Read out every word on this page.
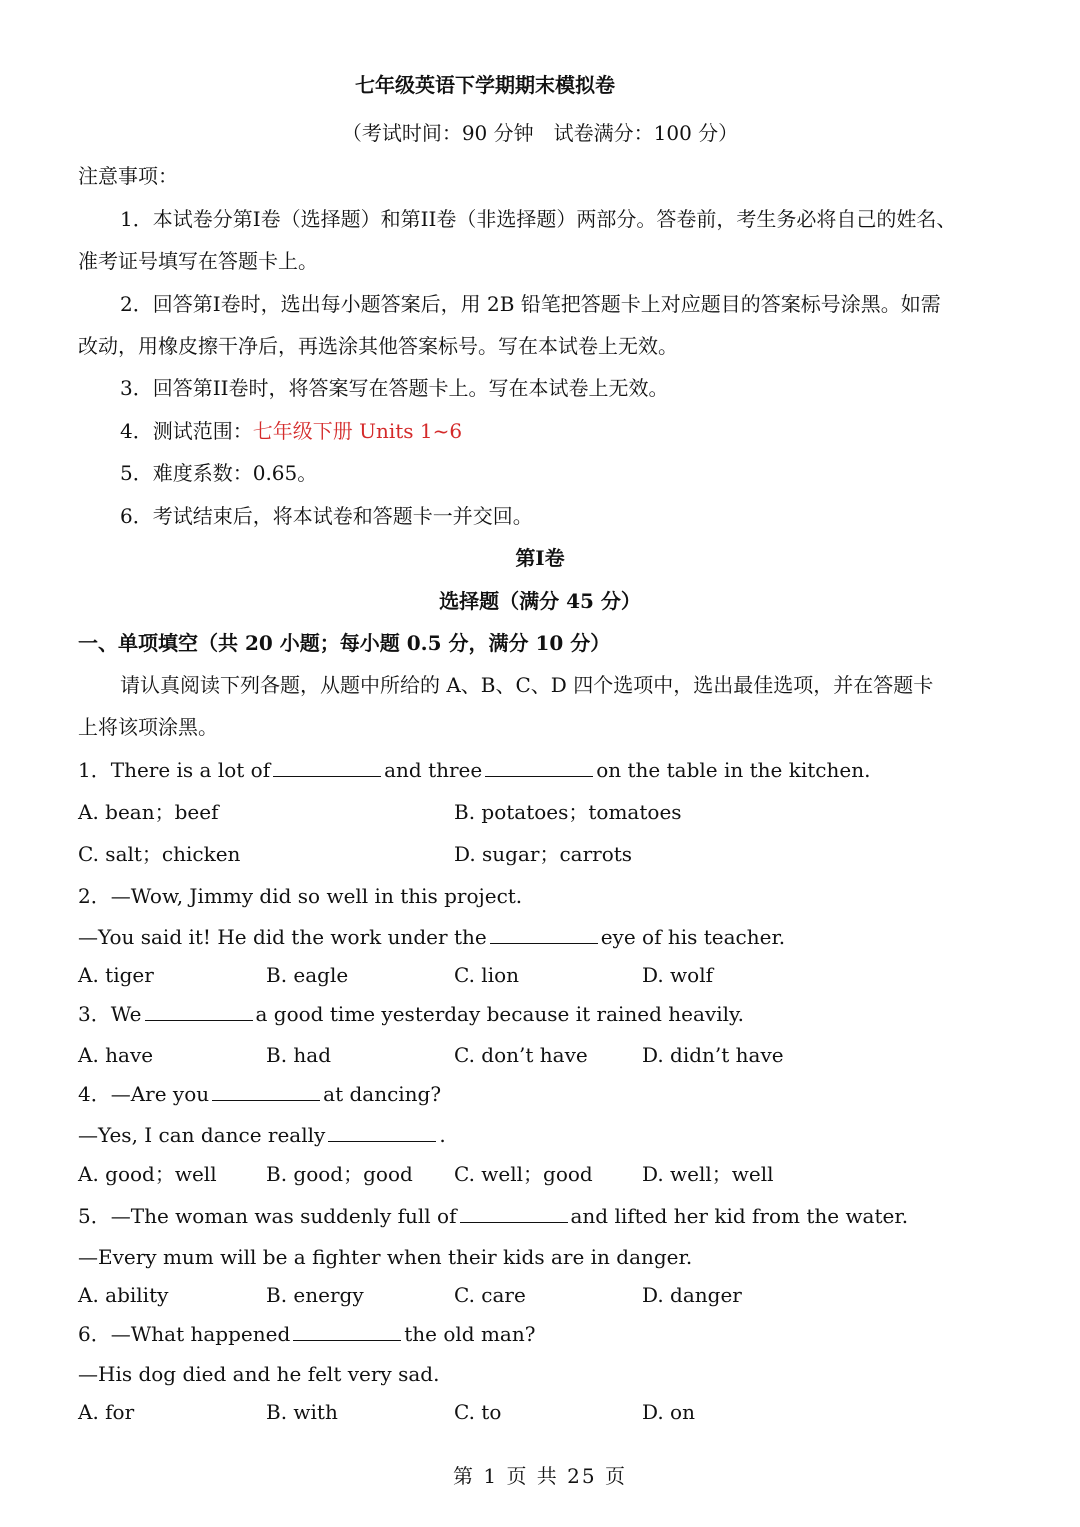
七年级英语下学期期末模拟卷
（考试时间：90 分钟　试卷满分：100 分）
注意事项：
1．本试卷分第I卷（选择题）和第II卷（非选择题）两部分。答卷前，考生务必将自己的姓名、
准考证号填写在答题卡上。
2．回答第I卷时，选出每小题答案后，用 2B 铅笔把答题卡上对应题目的答案标号涂黑。如需
改动，用橡皮擦干净后，再选涂其他答案标号。写在本试卷上无效。
3．回答第II卷时，将答案写在答题卡上。写在本试卷上无效。
4．测试范围：七年级下册 Units 1~6
5．难度系数：0.65。
6．考试结束后，将本试卷和答题卡一并交回。
第I卷
选择题（满分 45 分）
一、单项填空（共 20 小题；每小题 0.5 分，满分 10 分）
请认真阅读下列各题，从题中所给的 A、B、C、D 四个选项中，选出最佳选项，并在答题卡
上将该项涂黑。
1．There is a lot of	and three	on the table in the kitchen.
A. bean；beef	B. potatoes；tomatoes
C. salt；chicken	D. sugar；carrots
2．—Wow, Jimmy did so well in this project.
—You said it! He did the work under the	eye of his teacher.
A. tiger	B. eagle	C. lion	D. wolf
3．We	a good time yesterday because it rained heavily.
A. have	B. had	C. don’t have	D. didn’t have
4．—Are you	at dancing?
—Yes, I can dance really	.
A. good；well B. good；good C. well；good D. well；well
5．—The woman was suddenly full of	and lifted her kid from the water.
—Every mum will be a fighter when their kids are in danger.
A. ability	B. energy	C. care	D. danger
6．—What happened	the old man?
—His dog died and he felt very sad.
A. for	B. with	C. to	D. on
第 1 页 共 25 页
